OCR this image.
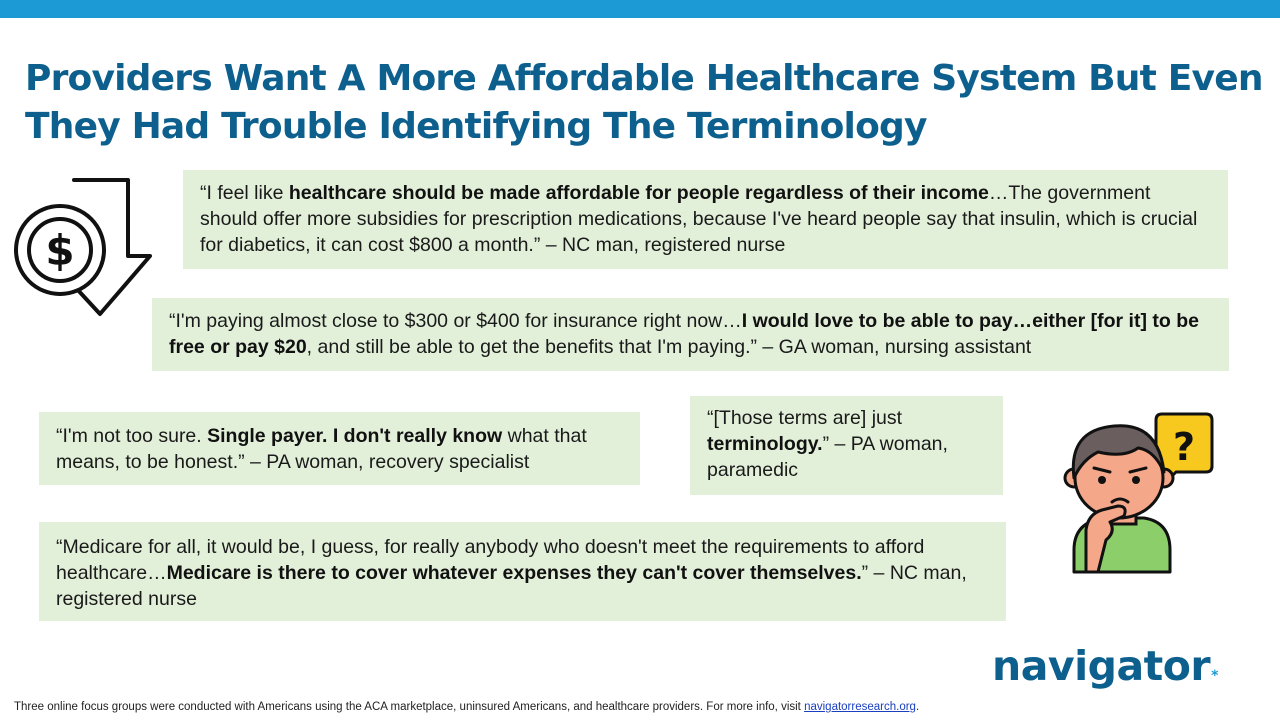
Providers Want A More Affordable Healthcare System But Even They Had Trouble Identifying The Terminology
$
“I feel like healthcare should be made affordable for people regardless of their income…The government should offer more subsidies for prescription medications, because I've heard people say that insulin, which is crucial for diabetics, it can cost $800 a month.” – NC man, registered nurse
“I'm paying almost close to $300 or $400 for insurance right now…I would love to be able to pay…either [for it] to be free or pay $20, and still be able to get the benefits that I'm paying.” – GA woman, nursing assistant
“I'm not too sure. Single payer. I don't really know what that means, to be honest.” – PA woman, recovery specialist
“[Those terms are] just terminology.” – PA woman, paramedic
“Medicare for all, it would be, I guess, for really anybody who doesn't meet the requirements to afford healthcare…Medicare is there to cover whatever expenses they can't cover themselves.” – NC man, registered nurse
?
navigator*
Three online focus groups were conducted with Americans using the ACA marketplace, uninsured Americans, and healthcare providers. For more info, visit navigatorresearch.org.
